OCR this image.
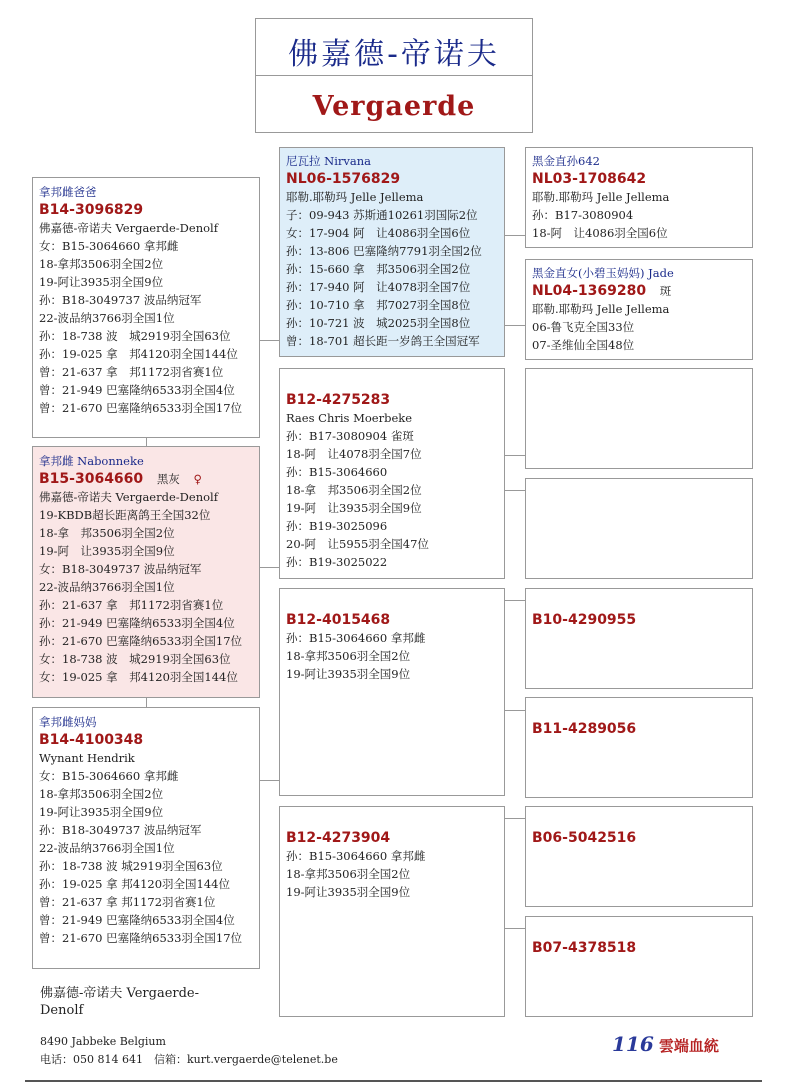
佛嘉德-帝诺夫
Vergaerde
拿邦雌爸爸
B14-3096829
佛嘉德-帝诺夫 Vergaerde-Denolf
女：B15-3064660 拿邦雌
18-拿邦3506羽全国2位
19-阿让3935羽全国9位
孙：B18-3049737 波品纳冠军
22-波品纳3766羽全国1位
孙：18-738 波　城2919羽全国63位
孙：19-025 拿　邦4120羽全国144位
曾：21-637 拿　邦1172羽省赛1位
曾：21-949 巴塞隆纳6533羽全国4位
曾：21-670 巴塞隆纳6533羽全国17位
拿邦雌 Nabonneke
B15-3064660 黑灰 ♀
佛嘉德-帝诺夫 Vergaerde-Denolf
19-KBDB超长距离鸽王全国32位
18-拿　邦3506羽全国2位
19-阿　让3935羽全国9位
女：B18-3049737 波品纳冠军
22-波品纳3766羽全国1位
孙：21-637 拿　邦1172羽省赛1位
孙：21-949 巴塞隆纳6533羽全国4位
孙：21-670 巴塞隆纳6533羽全国17位
女：18-738 波　城2919羽全国63位
女：19-025 拿　邦4120羽全国144位
拿邦雌妈妈
B14-4100348
Wynant Hendrik
女：B15-3064660 拿邦雌
18-拿邦3506羽全国2位
19-阿让3935羽全国9位
孙：B18-3049737 波品纳冠军
22-波品纳3766羽全国1位
孙：18-738 波 城2919羽全国63位
孙：19-025 拿 邦4120羽全国144位
曾：21-637 拿 邦1172羽省赛1位
曾：21-949 巴塞隆纳6533羽全国4位
曾：21-670 巴塞隆纳6533羽全国17位
尼瓦拉 Nirvana
NL06-1576829
耶勒.耶勒玛 Jelle Jellema
子：09-943 苏斯通10261羽国际2位
女：17-904 阿　让4086羽全国6位
孙：13-806 巴塞隆纳7791羽全国2位
孙：15-660 拿　邦3506羽全国2位
孙：17-940 阿　让4078羽全国7位
孙：10-710 拿　邦7027羽全国8位
孙：10-721 波　城2025羽全国8位
曾：18-701 超长距一岁鸽王全国冠军
B12-4275283
Raes Chris Moerbeke
孙：B17-3080904 雀斑
18-阿　让4078羽全国7位
孙：B15-3064660
18-拿　邦3506羽全国2位
19-阿　让3935羽全国9位
孙：B19-3025096
20-阿　让5955羽全国47位
孙：B19-3025022
B12-4015468
孙：B15-3064660 拿邦雌
18-拿邦3506羽全国2位
19-阿让3935羽全国9位
B12-4273904
孙：B15-3064660 拿邦雌
18-拿邦3506羽全国2位
19-阿让3935羽全国9位
黑金直孙642
NL03-1708642
耶勒.耶勒玛 Jelle Jellema
孙：B17-3080904
18-阿　让4086羽全国6位
黑金直女(小碧玉妈妈) Jade
NL04-1369280 斑
耶勒.耶勒玛 Jelle Jellema
06-鲁飞克全国33位
07-圣维仙全国48位
B10-4290955
B11-4289056
B06-5042516
B07-4378518
佛嘉德-帝诺夫 Vergaerde-
Denolf
8490 Jabbeke Belgium
电话：050 814 641　信箱：kurt.vergaerde@telenet.be
116 雲端血統
